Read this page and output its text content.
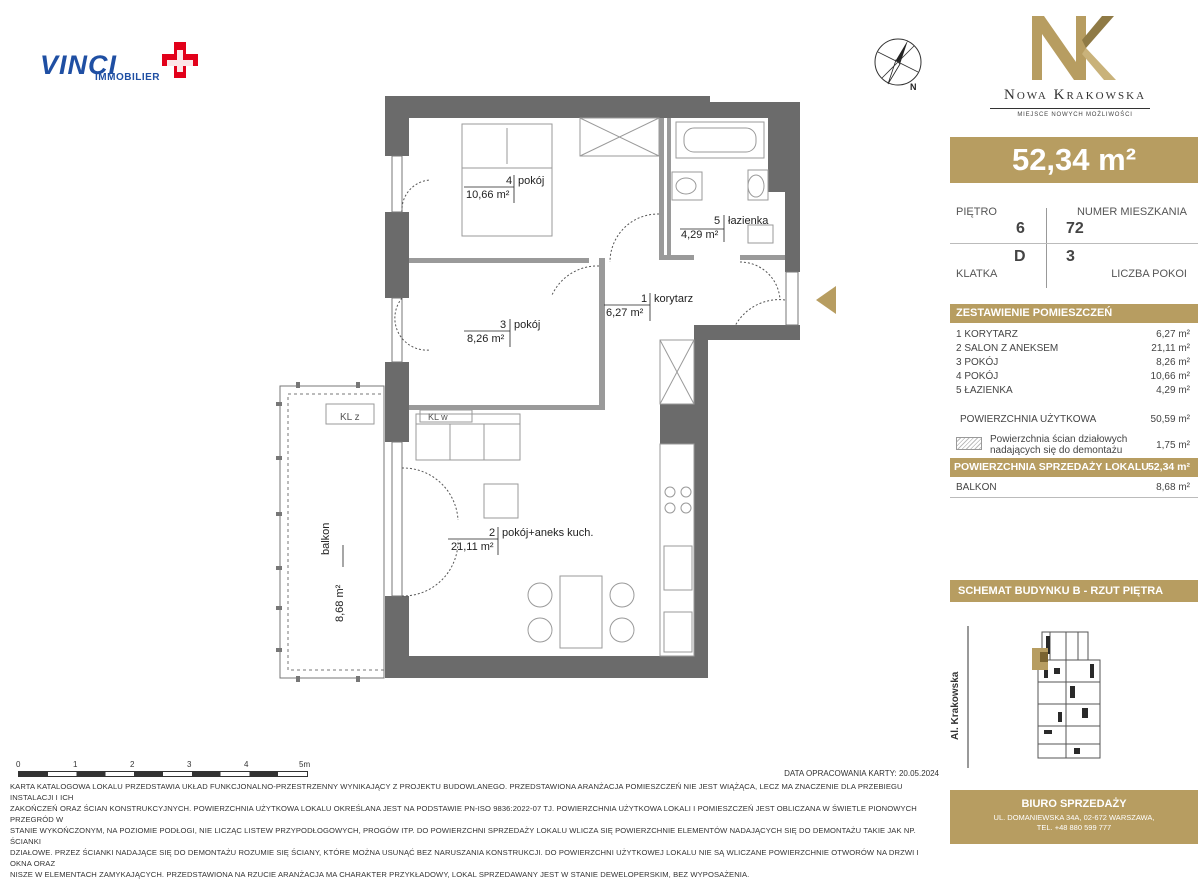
VINCI
IMMOBILIER
Nowa Krakowska
MIEJSCE NOWYCH MOŻLIWOŚCI
N
52,34 m²
PIĘTRO	NUMER MIESZKANIA
6	72
D	3
KLATKA	LICZBA POKOI
ZESTAWIENIE POMIESZCZEŃ
1 KORYTARZ	6,27 m²
2 SALON Z ANEKSEM	21,11 m²
3 POKÓJ	8,26 m²
4 POKÓJ	10,66 m²
5 ŁAZIENKA	4,29 m²
POWIERZCHNIA UŻYTKOWA	50,59 m²
Powierzchnia ścian działowych
nadających się do demontażu	1,75 m²
POWIERZCHNIA SPRZEDAŻY LOKALU 52,34 m²
BALKON	8,68 m²
SCHEMAT BUDYNKU B - RZUT PIĘTRA
Al. Krakowska
BIURO SPRZEDAŻY
UL. DOMANIEWSKA 34A, 02-672 WARSZAWA,
TEL. +48 880 599 777
4 pokój
10,66 m²
5 łazienka
4,29 m²
1 korytarz
6,27 m²
3 pokój
8,26 m²
2 pokój+aneks kuch.
21,11 m²
balkon
8,68 m²
KL z	KL w
0	1	2	3	4	5m
DATA OPRACOWANIA KARTY: 20.05.2024
KARTA KATALOGOWA LOKALU PRZEDSTAWIA UKŁAD FUNKCJONALNO-PRZESTRZENNY WYNIKAJĄCY Z PROJEKTU BUDOWLANEGO. PRZEDSTAWIONA ARANŻACJA POMIESZCZEŃ NIE JEST WIĄŻĄCA, LECZ MA ZNACZENIE DLA PRZEBIEGU INSTALACJI I ICH
ZAKOŃCZEŃ ORAZ ŚCIAN KONSTRUKCYJNYCH. POWIERZCHNIA UŻYTKOWA LOKALU OKREŚLANA JEST NA PODSTAWIE PN-ISO 9836:2022-07 TJ. POWIERZCHNIA UŻYTKOWA LOKALI I POMIESZCZEŃ JEST OBLICZANA W ŚWIETLE PIONOWYCH PRZEGRÓD W
STANIE WYKOŃCZONYM, NA POZIOMIE PODŁOGI, NIE LICZĄC LISTEW PRZYPODŁOGOWYCH, PROGÓW ITP. DO POWIERZCHNI SPRZEDAŻY LOKALU WLICZA SIĘ POWIERZCHNIE ELEMENTÓW NADAJĄCYCH SIĘ DO DEMONTAŻU TAKIE JAK NP. ŚCIANKI
DZIAŁOWE. PRZEZ ŚCIANKI NADAJĄCE SIĘ DO DEMONTAŻU ROZUMIE SIĘ ŚCIANY, KTÓRE MOŻNA USUNĄĆ BEZ NARUSZANIA KONSTRUKCJI. DO POWIERZCHNI UŻYTKOWEJ LOKALU NIE SĄ WLICZANE POWIERZCHNIE OTWORÓW NA DRZWI I OKNA ORAZ
NISZE W ELEMENTACH ZAMYKAJĄCYCH. PRZEDSTAWIONA NA RZUCIE ARANŻACJA MA CHARAKTER PRZYKŁADOWY, LOKAL SPRZEDAWANY JEST W STANIE DEWELOPERSKIM, BEZ WYPOSAŻENIA.
